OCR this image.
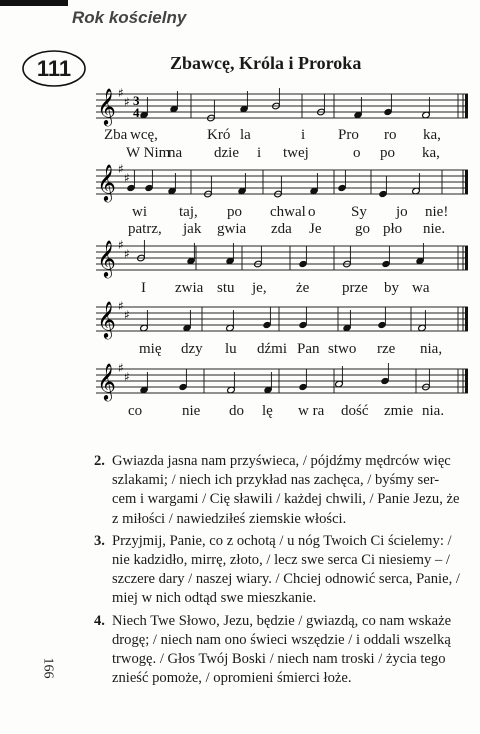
Rok kościelny
111	Zbawcę, Króla i Proroka
𝄞 ♯
♯ 3
4
𝄞 ♯
♯
𝄞 ♯
♯
𝄞 ♯
♯
𝄞 ♯
♯
Zba wcę,	Kró la	i Pro ro ka,
W Nim
na dzie i twej	o po ka,
wi taj, po chwal o Sy jo nie!
patrz, jak gwia zda Je go pło nie.
I zwia stu je, że prze by wa
mię dzy lu dźmi Pan stwo rze nia,
co	nie do lę w ra dość zmie nia.
2. Gwiazda jasna nam przyświeca, / pójdźmy mędrców więc
szlakami; / niech ich przykład nas zachęca, / byśmy ser-
cem i wargami / Cię sławili / każdej chwili, / Panie Jezu, że
z miłości / nawiedziłeś ziemskie włości.
3. Przyjmij, Panie, co z ochotą / u nóg Twoich Ci ścielemy: /
nie kadzidło, mirrę, złoto, / lecz swe serca Ci niesiemy – /
szczere dary / naszej wiary. / Chciej odnowić serca, Panie, /
miej w nich odtąd swe mieszkanie.
4. Niech Twe Słowo, Jezu, będzie / gwiazdą, co nam wskaże
drogę; / niech nam ono świeci wszędzie / i oddali wszelką
trwogę. / Głos Twój Boski / niech nam troski / życia tego
znieść pomoże, / opromieni śmierci łoże.
166
